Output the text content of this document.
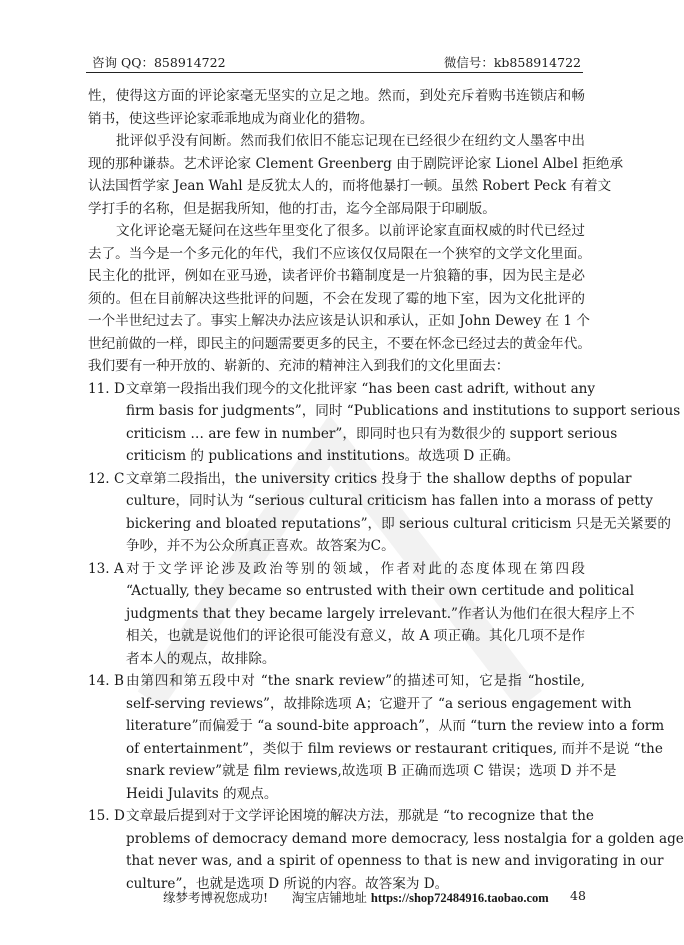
咨询 QQ：858914722	微信号：kb858914722
性，使得这方面的评论家毫无坚实的立足之地。然而，到处充斥着购书连锁店和畅
销书，使这些评论家乖乖地成为商业化的猎物。
批评似乎没有间断。然而我们依旧不能忘记现在已经很少在纽约文人墨客中出
现的那种谦恭。艺术评论家 Clement Greenberg 由于剧院评论家 Lionel Albel 拒绝承
认法国哲学家 Jean Wahl 是反犹太人的，而将他暴打一顿。虽然 Robert Peck 有着文
学打手的名称，但是据我所知，他的打击，迄今全部局限于印刷版。
文化评论毫无疑问在这些年里变化了很多。以前评论家直面权威的时代已经过
去了。当今是一个多元化的年代，我们不应该仅仅局限在一个狭窄的文学文化里面。
民主化的批评，例如在亚马逊，读者评价书籍制度是一片狼籍的事，因为民主是必
须的。但在目前解决这些批评的问题，不会在发现了霉的地下室，因为文化批评的
一个半世纪过去了。事实上解决办法应该是认识和承认，正如 John Dewey 在 1 个
世纪前做的一样，即民主的问题需要更多的民主，不要在怀念已经过去的黄金年代。
我们要有一种开放的、崭新的、充沛的精神注入到我们的文化里面去：
11. D 文章第一段指出我们现今的文化批评家 “has been cast adrift, without any
firm basis for judgments”，同时 “Publications and institutions to support serious
criticism … are few in number”，即同时也只有为数很少的 support serious
criticism 的 publications and institutions。故选项 D 正确。
12. C 文章第二段指出，the university critics 投身于 the shallow depths of popular
culture，同时认为 “serious cultural criticism has fallen into a morass of petty
bickering and bloated reputations”，即 serious cultural criticism 只是无关紧要的
争吵，并不为公众所真正喜欢。故答案为C。
13. A 对于文学评论涉及政治等别的领域，作者对此的态度体现在第四段
“Actually, they became so entrusted with their own certitude and political
judgments that they became largely irrelevant.”作者认为他们在很大程序上不
相关，也就是说他们的评论很可能没有意义，故 A 项正确。其化几项不是作
者本人的观点，故排除。
14. B 由第四和第五段中对 “the snark review”的描述可知，它是指 “hostile,
self-serving reviews”，故排除选项 A；它避开了 “a serious engagement with
literature”而偏爱于 “a sound-bite approach”，从而 “turn the review into a form
of entertainment”，类似于 film reviews or restaurant critiques, 而并不是说 “the
snark review”就是 film reviews,故选项 B 正确而选项 C 错误；选项 D 并不是
Heidi Julavits 的观点。
15. D 文章最后提到对于文学评论困境的解决方法，那就是 “to recognize that the
problems of democracy demand more democracy, less nostalgia for a golden age
that never was, and a spirit of openness to that is new and invigorating in our
culture”，也就是选项 D 所说的内容。故答案为 D。
缘梦考博祝您成功! 淘宝店铺地址 https://shop72484916.taobao.com 48
